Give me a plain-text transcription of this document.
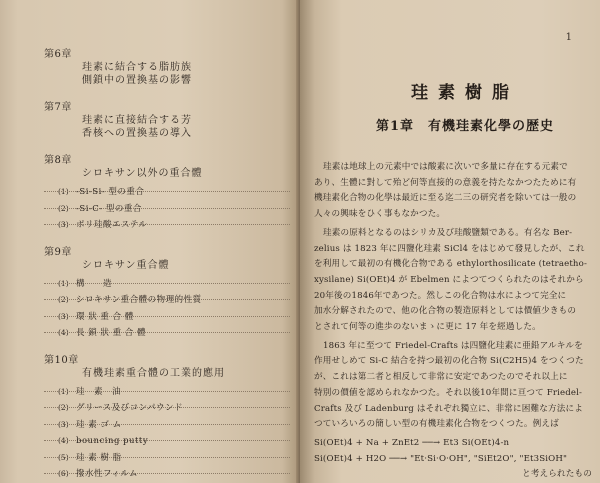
第6章
珪素に結合する脂肪族
側鎖中の置換基の影響
第7章
珪素に直接結合する芳
香核への置換基の導入
第8章
シロキサン以外の重合體
(1) -Si-Si- 型の重合
(2) -Si-C- 型の重合
(3) ポリ珪酸エステル
第9章
シロキサン重合體
(1) 構　　造
(2) シロキサン重合體の物理的性質
(3) 環 狀 重 合 體
(4) 長 鎖 狀 重 合 體
第10章
有機珪素重合體の工業的應用
(1) 珪　素　油
(2) グリース及びコンパウンド
(3) 珪 素 ゴ ム
(4) bouncing putty
(5) 珪 素 樹 脂
(6) 撥水性フィルム
1
珪素樹脂
第1章　有機珪素化學の歴史

珪素は地球上の元素中では酸素に次いで多量に存在する元素で

あり、生體に對して殆ど何等直接的の意義を持たなかつたために有

機珪素化合物の化學は最近に至る迄二三の研究者を除いては一般の

人々の興味をひく事もなかつた。

珪素の原料となるのはシリカ及び珪酸鹽類である。有名な Ber-

zelius は 1823 年に四鹽化珪素 SiCl4 をはじめて發見したが、これ

を利用して最初の有機化合物である ethylorthosilicate (tetraetho-

xysilane) Si(OEt)4 が Ebelmen によつてつくられたのはそれから

20年後の1846年であつた。然しこの化合物は水によつて完全に

加水分解されたので、他の化合物の製造原料としては價値少きもの

とされて何等の進歩のないまゝに更に 17 年を經過した。

1863 年に至つて Friedel-Crafts は四鹽化珪素に亜鉛アルキルを

作用せしめて Si-C 結合を持つ最初の化合物 Si(C2H5)4 をつくつた

が、これは第二者と相反して非常に安定であつたのでそれ以上に

特別の價値を認められなかつた。それ以後10年間に亘つて Friedel-

Crafts 及び Ladenburg はそれぞれ獨立に、非常に困難な方法によ

つていろいろの簡しい型の有機珪素化合物をつくつた。例えば

Si(OEt)4 + Na + ZnEt2 ──→ Et3 Si(OEt)4-n

Si(OEt)4 + H2O ──→ "Et·Si·O·OH", "SiEt2O", "Et3SiOH"

と考えられたもの
